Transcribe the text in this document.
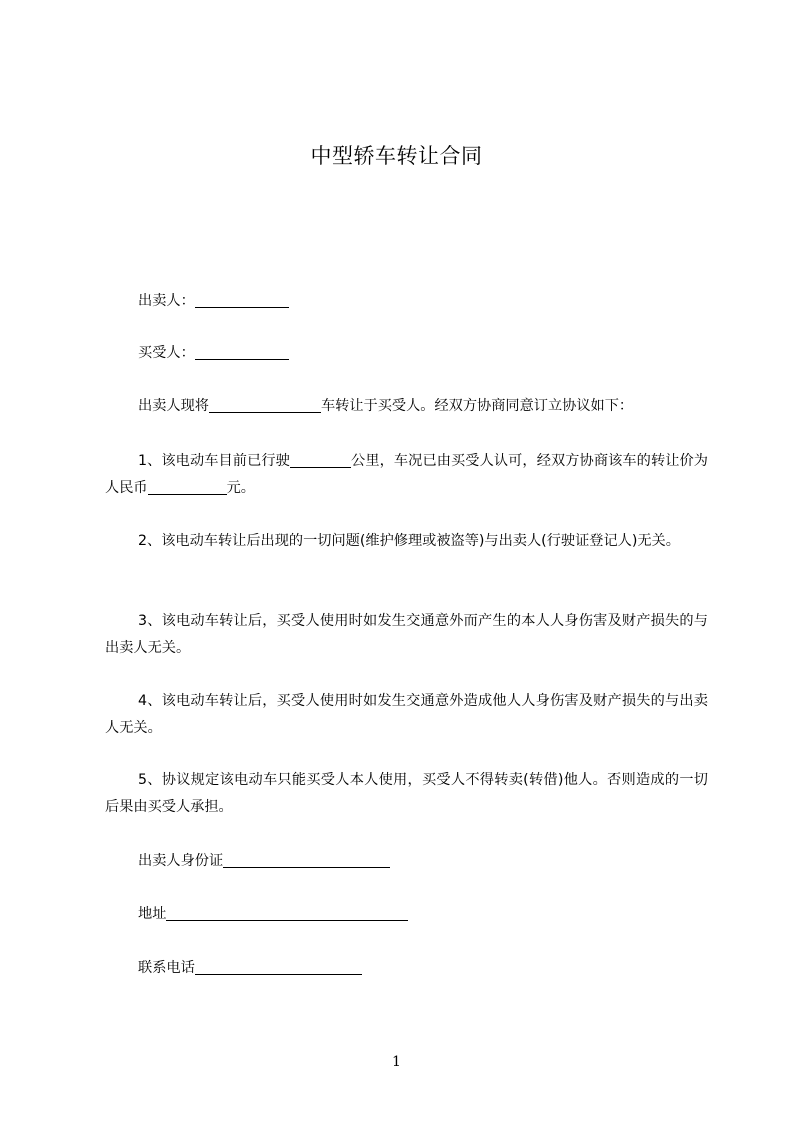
中型轿车转让合同

出卖人：

买受人：

出卖人现将	车转让于买受人。经双方协商同意订立协议如下：

1、该电动车目前已行驶	公里，车况已由买受人认可，经双方协商该车的转让价为人民币	元。

2、该电动车转让后出现的一切问题(维护修理或被盗等)与出卖人(行驶证登记人)无关。

3、该电动车转让后，买受人使用时如发生交通意外而产生的本人人身伤害及财产损失的与出卖人无关。

4、该电动车转让后，买受人使用时如发生交通意外造成他人人身伤害及财产损失的与出卖人无关。

5、协议规定该电动车只能买受人本人使用，买受人不得转卖(转借)他人。否则造成的一切后果由买受人承担。

出卖人身份证

地址

联系电话

1
